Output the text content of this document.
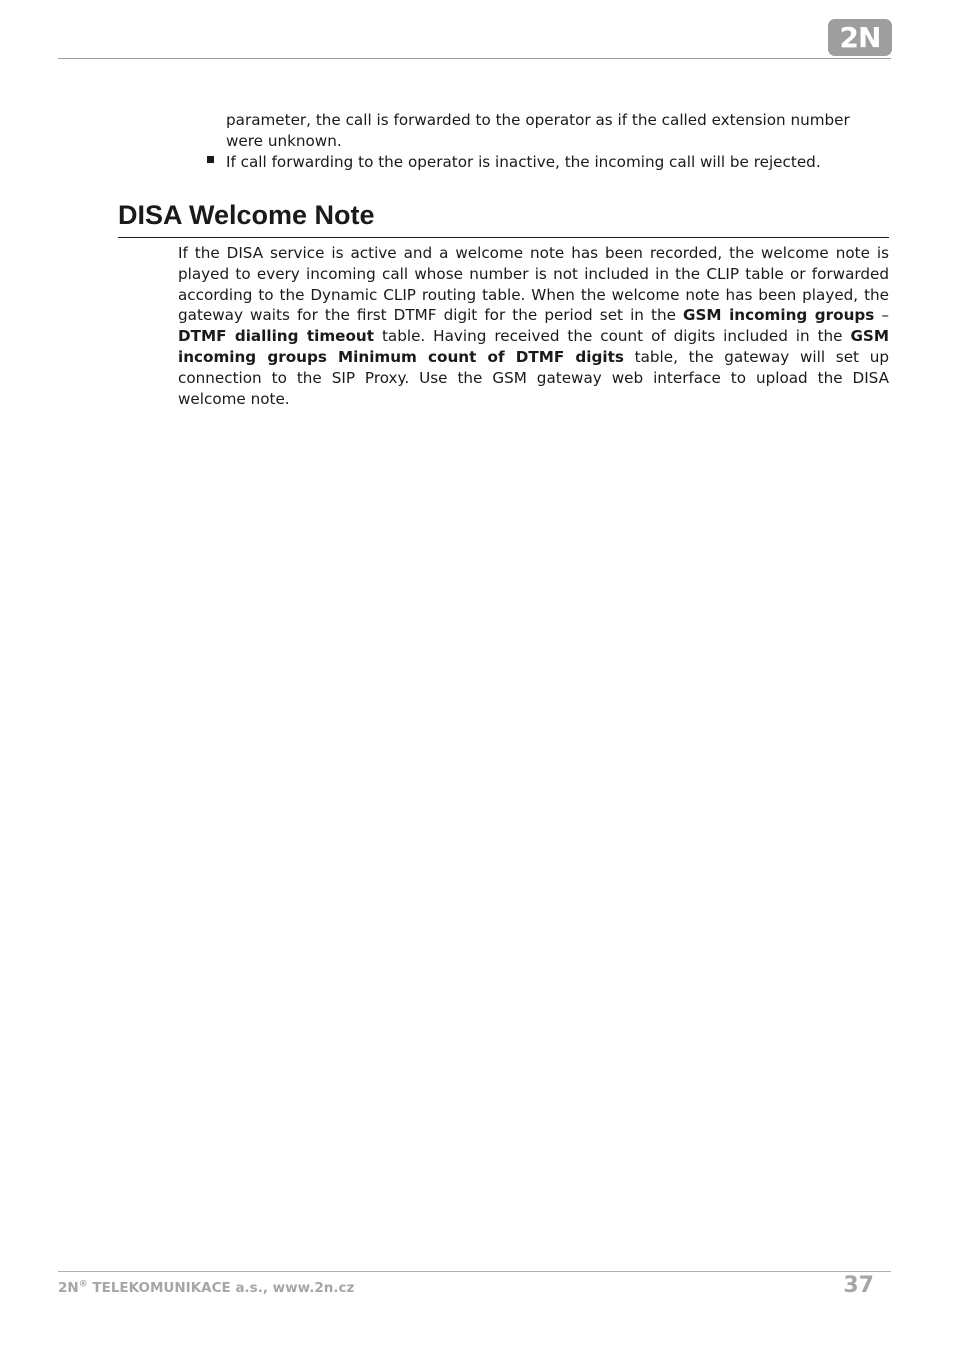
2N

parameter, the call is forwarded to the operator as if the called extension number were unknown.

If call forwarding to the operator is inactive, the incoming call will be rejected.

DISA Welcome Note

If the DISA service is active and a welcome note has been recorded, the welcome note is played to every incoming call whose number is not included in the CLIP table or forwarded according to the Dynamic CLIP routing table. When the welcome note has been played, the gateway waits for the first DTMF digit for the period set in the GSM incoming groups – DTMF dialling timeout table. Having received the count of digits included in the GSM incoming groups Minimum count of DTMF digits table, the gateway will set up connection to the SIP Proxy. Use the GSM gateway web interface to upload the DISA welcome note.

2N® TELEKOMUNIKACE a.s., www.2n.cz	37
